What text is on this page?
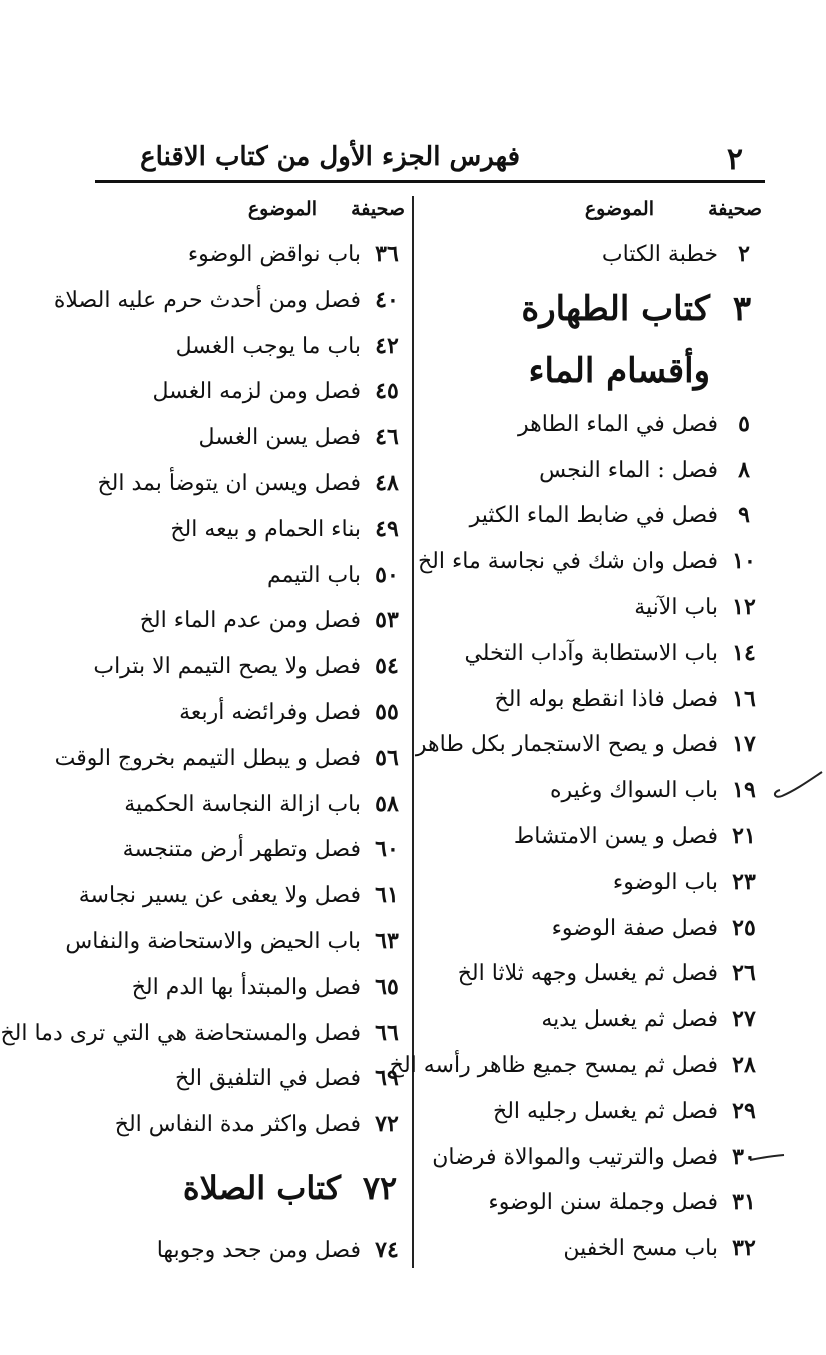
٢
فهرس الجزء الأول من كتاب الاقناع
صحيفة
الموضوع
٢
خطبة الكتاب
٣
كتاب الطهارة وأقسام الماء
٥
فصل في الماء الطاهر
٨
فصل : الماء النجس
٩
فصل في ضابط الماء الكثير
١٠
فصل وان شك في نجاسة ماء الخ
١٢
باب الآنية
١٤
باب الاستطابة وآداب التخلي
١٦
فصل فاذا انقطع بوله الخ
١٧
فصل و يصح الاستجمار بكل طاهر
١٩
باب السواك وغيره
٢١
فصل و يسن الامتشاط
٢٣
باب الوضوء
٢٥
فصل صفة الوضوء
٢٦
فصل ثم يغسل وجهه ثلاثا الخ
٢٧
فصل ثم يغسل يديه
٢٨
فصل ثم يمسح جميع ظاهر رأسه الخ
٢٩
فصل ثم يغسل رجليه الخ
٣٠
فصل والترتيب والموالاة فرضان
٣١
فصل وجملة سنن الوضوء
٣٢
باب مسح الخفين
صحيفة
الموضوع
٣٦
باب نواقض الوضوء
٤٠
فصل ومن أحدث حرم عليه الصلاة
٤٢
باب ما يوجب الغسل
٤٥
فصل ومن لزمه الغسل
٤٦
فصل يسن الغسل
٤٨
فصل ويسن ان يتوضأ بمد الخ
٤٩
بناء الحمام و بيعه الخ
٥٠
باب التيمم
٥٣
فصل ومن عدم الماء الخ
٥٤
فصل ولا يصح التيمم الا بتراب
٥٥
فصل وفرائضه أربعة
٥٦
فصل و يبطل التيمم بخروج الوقت
٥٨
باب ازالة النجاسة الحكمية
٦٠
فصل وتطهر أرض متنجسة
٦١
فصل ولا يعفى عن يسير نجاسة
٦٣
باب الحيض والاستحاضة والنفاس
٦٥
فصل والمبتدأ بها الدم الخ
٦٦
فصل والمستحاضة هي التي ترى دما الخ
٦٩
فصل في التلفيق الخ
٧٢
فصل واكثر مدة النفاس الخ
٧٢
كتاب الصلاة
٧٤
فصل ومن جحد وجوبها
